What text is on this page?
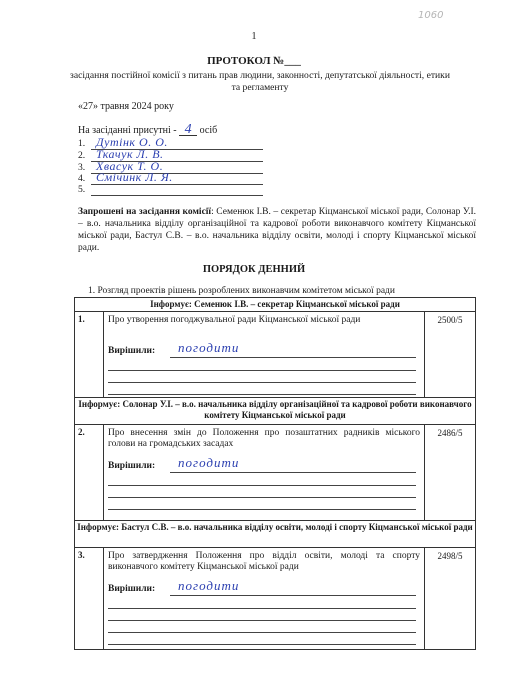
1060
1
ПРОТОКОЛ №___
засідання постійної комісії з питань прав людини, законності, депутатської діяльності, етики та регламенту
«27» травня 2024 року
На засіданні присутні - 4 осіб
1. Дутінк О. О.
2. Ткачук Л. В.
3. Хвасук Т. О.
4. Смічинк Л. Я.
5.
Запрошені на засідання комісії: Семенюк І.В. – секретар Кіцманської міської ради, Солонар У.І. – в.о. начальника відділу організаційної та кадрової роботи виконавчого комітету Кіцманської міської ради, Бастул С.В. – в.о. начальника відділу освіти, молоді і спорту Кіцманської міської ради.
ПОРЯДОК ДЕННИЙ
1. Розгляд проектів рішень розроблених виконавчим комітетом міської ради
Інформує: Семенюк І.В. – секретар Кіцманської міської ради		
1.	Про утворення погоджувальної ради Кіцманської міської ради
Вирішили: погодити	2500/5
Інформує: Солонар У.І. – в.о. начальника відділу організаційної та кадрової роботи виконавчого комітету Кіцманської міської ради		
2.	Про внесення змін до Положення про позаштатних радників міського голови на громадських засадах
Вирішили: погодити	2486/5
Інформує: Бастул С.В. – в.о. начальника відділу освіти, молоді і спорту Кіцманської міської ради		
3.	Про затвердження Положення про відділ освіти, молоді та спорту виконавчого комітету Кіцманської міської ради
Вирішили: погодити	2498/5
